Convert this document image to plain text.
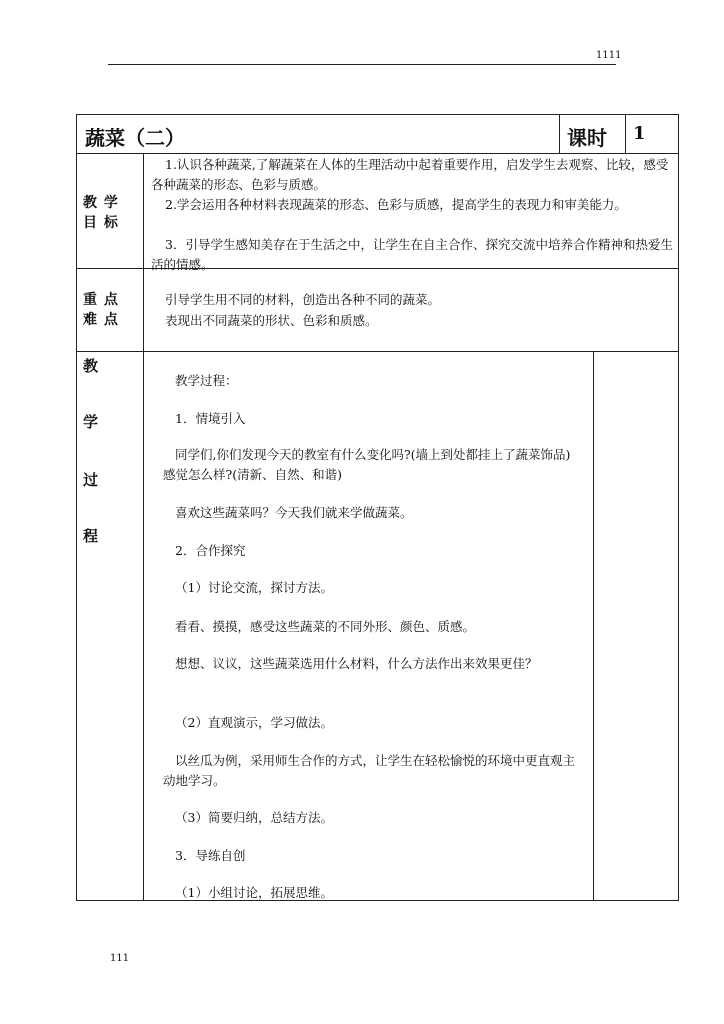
1111
蔬菜（二）	课时 1
教 学
目 标

1.认识各种蔬菜,了解蔬菜在人体的生理活动中起着重要作用，启发学生去观察、比较，感受各种蔬菜的形态、色彩与质感。

2.学会运用各种材料表现蔬菜的形态、色彩与质感，提高学生的表现力和审美能力。

3．引导学生感知美存在于生活之中，让学生在自主合作、探究交流中培养合作精神和热爱生活的情感。

重 点
难 点

引导学生用不同的材料，创造出各种不同的蔬菜。

表现出不同蔬菜的形状、色彩和质感。

教
学
过
程

教学过程：

1．情境引入

同学们,你们发现今天的教室有什么变化吗?(墙上到处都挂上了蔬菜饰品)感觉怎么样?(清新、自然、和谐)

喜欢这些蔬菜吗？今天我们就来学做蔬菜。

2．合作探究

（1）讨论交流，探讨方法。

看看、摸摸，感受这些蔬菜的不同外形、颜色、质感。

想想、议议，这些蔬菜选用什么材料，什么方法作出来效果更佳？

（2）直观演示，学习做法。

以丝瓜为例，采用师生合作的方式，让学生在轻松愉悦的环境中更直观主动地学习。

（3）简要归纳，总结方法。

3．导练自创

（1）小组讨论，拓展思维。

111
